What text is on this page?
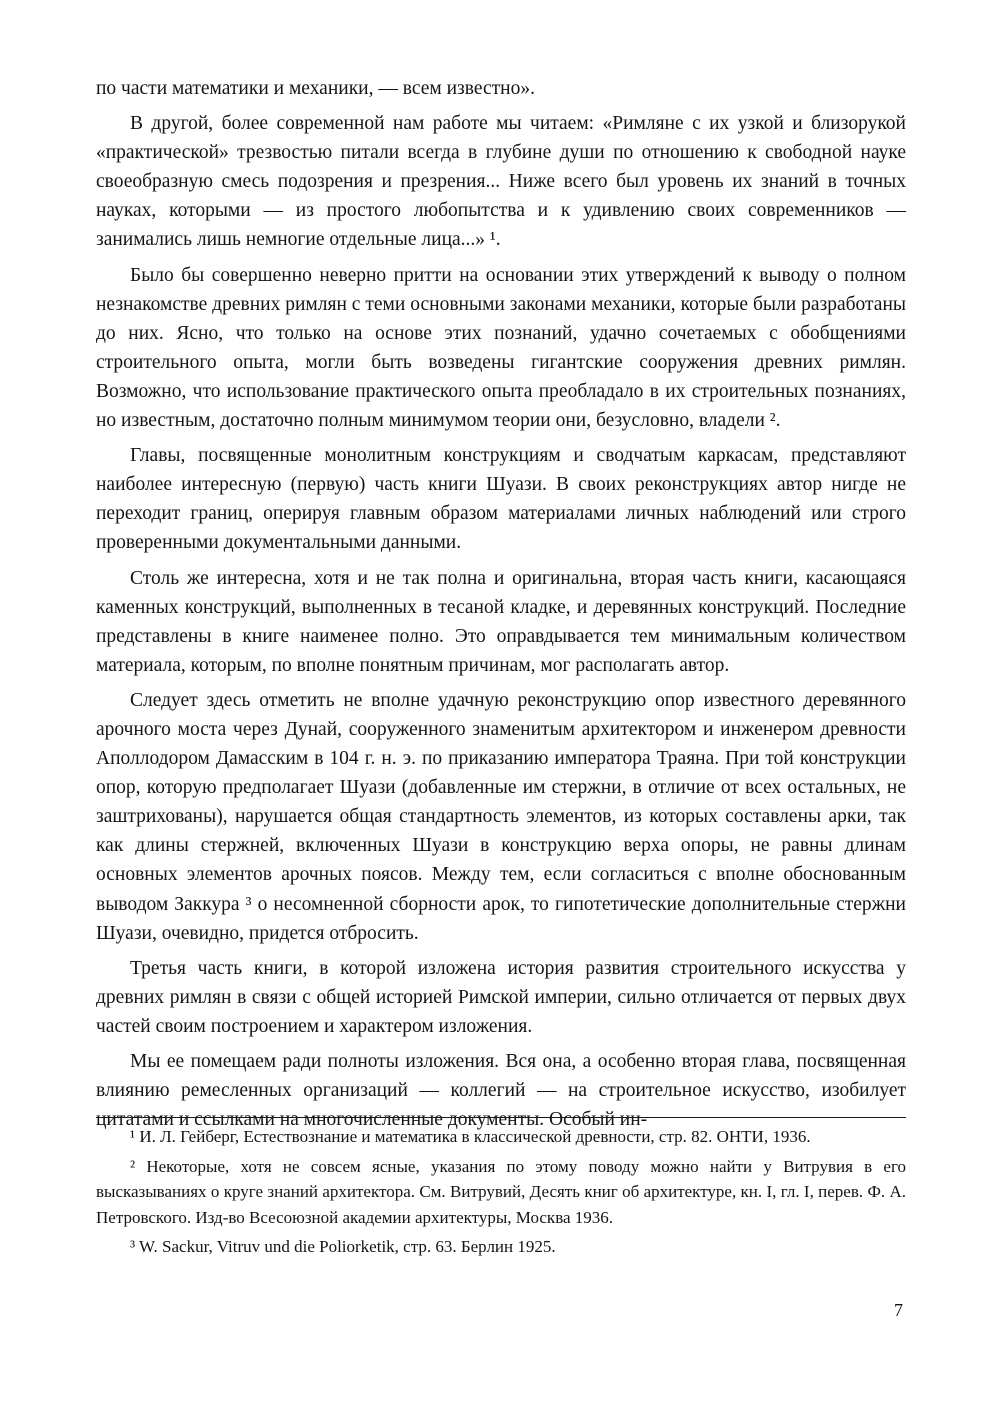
по части математики и механики, — всем известно».

В другой, более современной нам работе мы читаем: «Римляне с их узкой и близорукой «практической» трезвостью питали всегда в глубине души по отношению к свободной науке своеобразную смесь подозрения и презрения... Ниже всего был уровень их знаний в точных науках, которыми — из простого любопытства и к удивлению своих современников — занимались лишь немногие отдельные лица...» ¹.

Было бы совершенно неверно притти на основании этих утверждений к выводу о полном незнакомстве древних римлян с теми основными законами механики, которые были разработаны до них. Ясно, что только на основе этих познаний, удачно сочетаемых с обобщениями строительного опыта, могли быть возведены гигантские сооружения древних римлян. Возможно, что использование практического опыта преобладало в их строительных познаниях, но известным, достаточно полным минимумом теории они, безусловно, владели ².

Главы, посвященные монолитным конструкциям и сводчатым каркасам, представляют наиболее интересную (первую) часть книги Шуази. В своих реконструкциях автор нигде не переходит границ, оперируя главным образом материалами личных наблюдений или строго проверенными документальными данными.

Столь же интересна, хотя и не так полна и оригинальна, вторая часть книги, касающаяся каменных конструкций, выполненных в тесаной кладке, и деревянных конструкций. Последние представлены в книге наименее полно. Это оправдывается тем минимальным количеством материала, которым, по вполне понятным причинам, мог располагать автор.

Следует здесь отметить не вполне удачную реконструкцию опор известного деревянного арочного моста через Дунай, сооруженного знаменитым архитектором и инженером древности Аполлодором Дамасским в 104 г. н. э. по приказанию императора Траяна. При той конструкции опор, которую предполагает Шуази (добавленные им стержни, в отличие от всех остальных, не заштрихованы), нарушается общая стандартность элементов, из которых составлены арки, так как длины стержней, включенных Шуази в конструкцию верха опоры, не равны длинам основных элементов арочных поясов. Между тем, если согласиться с вполне обоснованным выводом Заккура ³ о несомненной сборности арок, то гипотетические дополнительные стержни Шуази, очевидно, придется отбросить.

Третья часть книги, в которой изложена история развития строительного искусства у древних римлян в связи с общей историей Римской империи, сильно отличается от первых двух частей своим построением и характером изложения.

Мы ее помещаем ради полноты изложения. Вся она, а особенно вторая глава, посвященная влиянию ремесленных организаций — коллегий — на строительное искусство, изобилует цитатами и ссылками на многочисленные документы. Особый ин-

¹ И. Л. Гейберг, Естествознание и математика в классической древности, стр. 82. ОНТИ, 1936.

² Некоторые, хотя не совсем ясные, указания по этому поводу можно найти у Витрувия в его высказываниях о круге знаний архитектора. См. Витрувий, Десять книг об архитектуре, кн. I, гл. I, перев. Ф. А. Петровского. Изд-во Всесоюзной академии архитектуры, Москва 1936.

³ W. Sackur, Vitruv und die Poliorketik, стр. 63. Берлин 1925.

7
